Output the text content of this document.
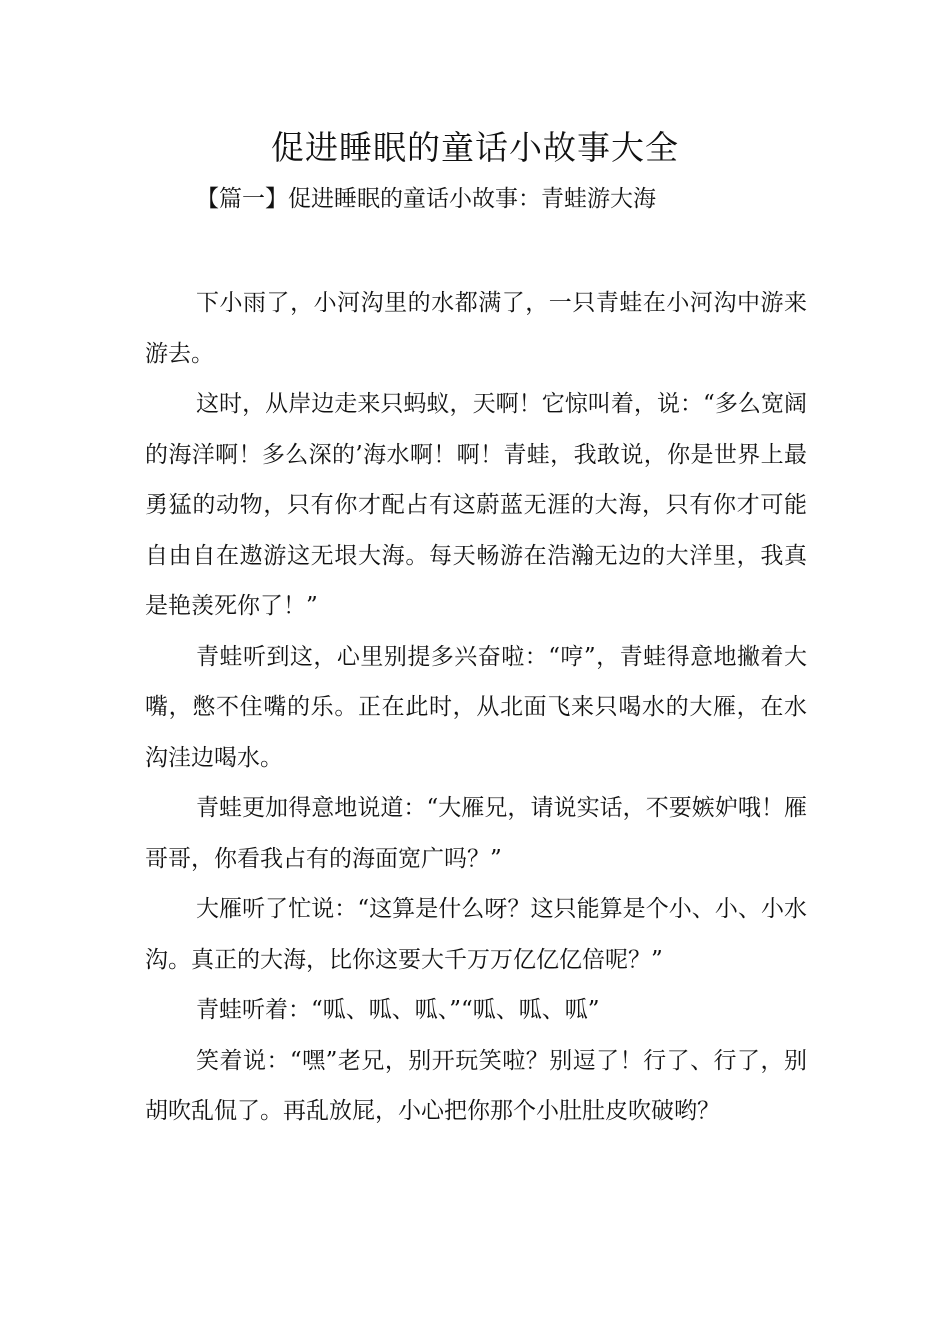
促进睡眠的童话小故事大全
【篇一】促进睡眠的童话小故事：青蛙游大海

下小雨了，小河沟里的水都满了，一只青蛙在小河沟中游来游去。

这时，从岸边走来只蚂蚁，天啊！它惊叫着，说：“多么宽阔的海洋啊！多么深的’海水啊！啊！青蛙，我敢说，你是世界上最勇猛的动物，只有你才配占有这蔚蓝无涯的大海，只有你才可能自由自在遨游这无垠大海。每天畅游在浩瀚无边的大洋里，我真是艳羡死你了！”

青蛙听到这，心里别提多兴奋啦：“哼”，青蛙得意地撇着大嘴，憋不住嘴的乐。正在此时，从北面飞来只喝水的大雁，在水沟洼边喝水。

青蛙更加得意地说道：“大雁兄，请说实话，不要嫉妒哦！雁哥哥，你看我占有的海面宽广吗？”

大雁听了忙说：“这算是什么呀？这只能算是个小、小、小水沟。真正的大海，比你这要大千万万亿亿亿倍呢？”

青蛙听着：“呱、呱、呱、”“呱、呱、呱”

笑着说：“嘿”老兄，别开玩笑啦？别逗了！行了、行了，别胡吹乱侃了。再乱放屁，小心把你那个小肚肚皮吹破哟？
